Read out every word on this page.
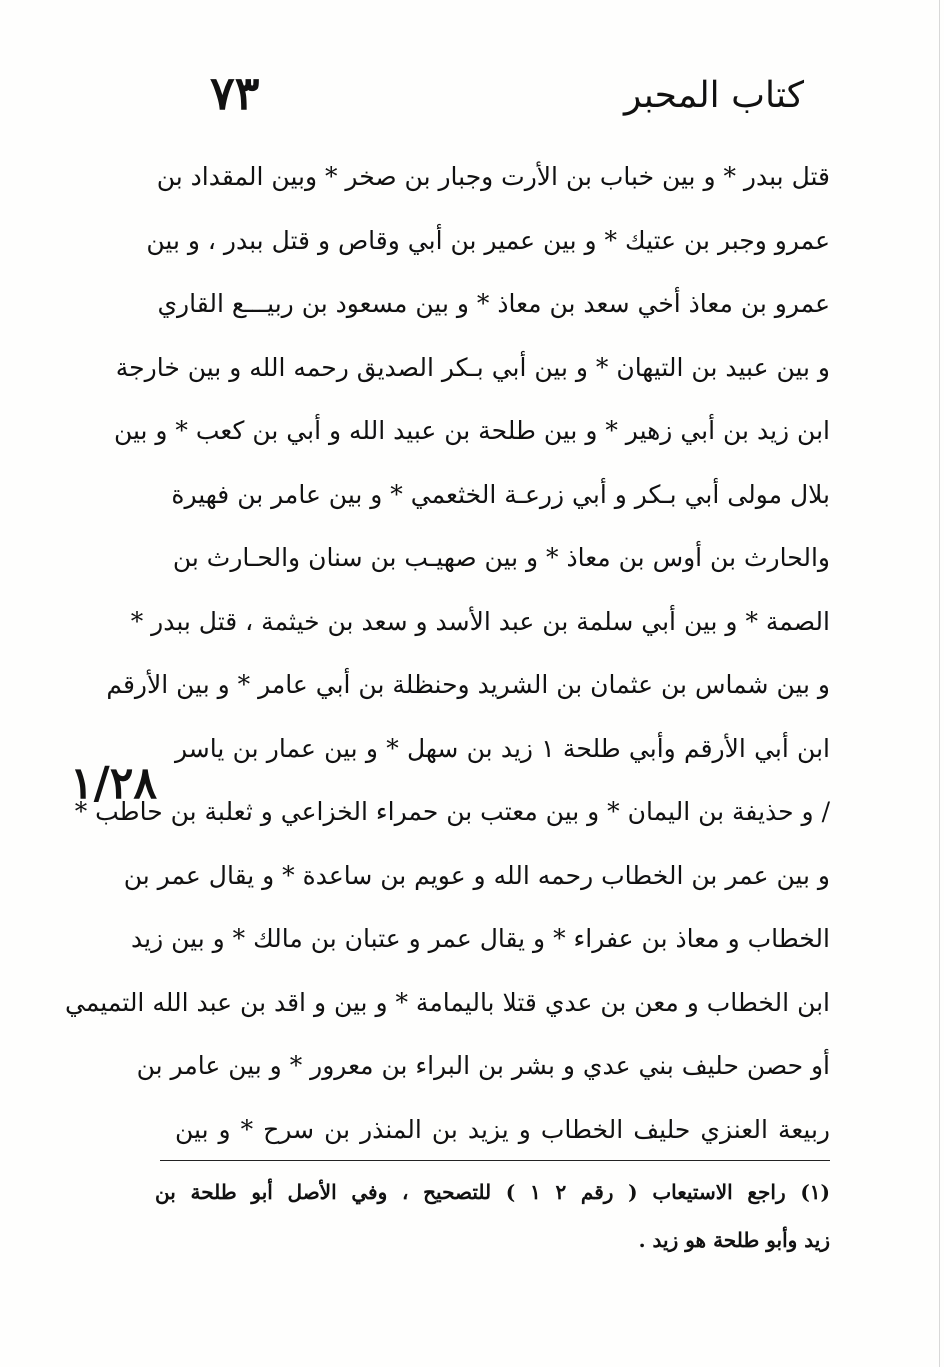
٧٣	كتاب المحبر
١/٢٨
قتل ببدر * و بين خباب بن الأرت وجبار بن صخر * وبين المقداد بن
عمرو وجبر بن عتيك * و بين عمير بن أبي وقاص و قتل ببدر ، و بين
عمرو بن معاذ أخي سعد بن معاذ * و بين مسعود بن ربيـــع القاري
و بين عبيد بن التيهان * و بين أبي بـكر الصديق رحمه الله و بين خارجة
ابن زيد بن أبي زهير * و بين طلحة بن عبيد الله و أبي بن كعب * و بين
بلال مولى أبي بـكر و أبي زرعـة الخثعمي * و بين عامر بن فهيرة
والحارث بن أوس بن معاذ * و بين صهيـب بن سنان والحـارث بن
الصمة * و بين أبي سلمة بن عبد الأسد و سعد بن خيثمة ، قتل ببدر *
و بين شماس بن عثمان بن الشريد وحنظلة بن أبي عامر * و بين الأرقم
ابن أبي الأرقم وأبي طلحة ١ زيد بن سهل * و بين عمار بن ياسر
/ و حذيفة بن اليمان * و بين معتب بن حمراء الخزاعي و ثعلبة بن حاطب *
و بين عمر بن الخطاب رحمه الله و عويم بن ساعدة * و يقال عمر بن
الخطاب و معاذ بن عفراء * و يقال عمر و عتبان بن مالك * و بين زيد
ابن الخطاب و معن بن عدي قتلا باليمامة * و بين و اقد بن عبد الله التميمي
أو حصن حليف بني عدي و بشر بن البراء بن معرور * و بين عامر بن
ربيعة العنزي حليف الخطاب و يزيد بن المنذر بن سرح * و بين
(١) راجع الاستيعاب ( رقم ٢ ١ ) للتصحيح ، وفي الأصل أبو طلحة بن
زيد وأبو طلحة هو زيد .
